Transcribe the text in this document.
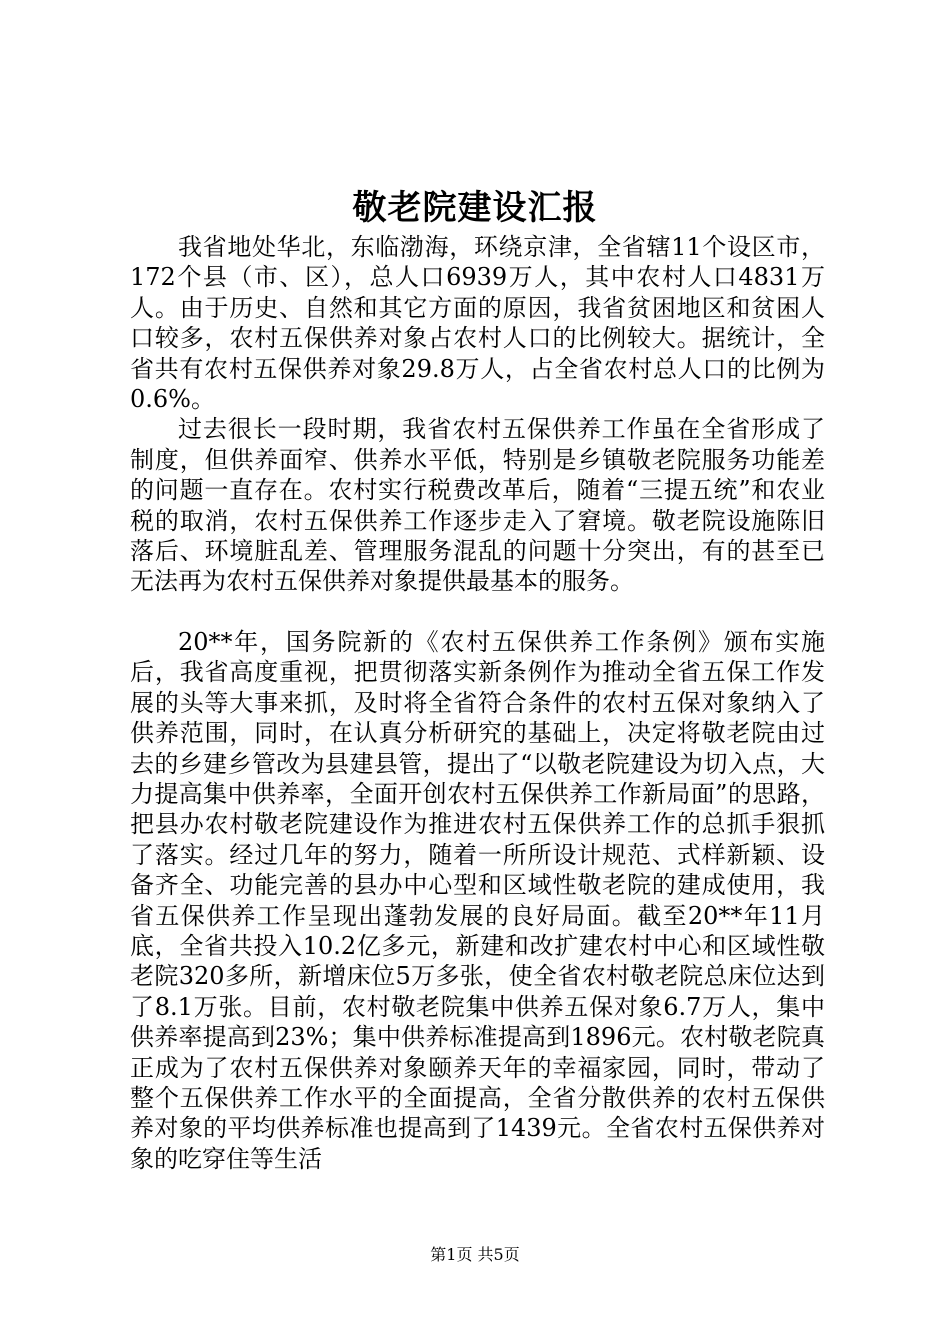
敬老院建设汇报

我省地处华北，东临渤海，环绕京津，全省辖11个设区市，172个县（市、区），总人口6939万人，其中农村人口4831万人。由于历史、自然和其它方面的原因，我省贫困地区和贫困人口较多，农村五保供养对象占农村人口的比例较大。据统计，全省共有农村五保供养对象29.8万人，占全省农村总人口的比例为0.6%。

过去很长一段时期，我省农村五保供养工作虽在全省形成了制度，但供养面窄、供养水平低，特别是乡镇敬老院服务功能差的问题一直存在。农村实行税费改革后，随着“三提五统”和农业税的取消，农村五保供养工作逐步走入了窘境。敬老院设施陈旧落后、环境脏乱差、管理服务混乱的问题十分突出，有的甚至已无法再为农村五保供养对象提供最基本的服务。

20**年，国务院新的《农村五保供养工作条例》颁布实施后，我省高度重视，把贯彻落实新条例作为推动全省五保工作发展的头等大事来抓，及时将全省符合条件的农村五保对象纳入了供养范围，同时，在认真分析研究的基础上，决定将敬老院由过去的乡建乡管改为县建县管，提出了“以敬老院建设为切入点，大力提高集中供养率，全面开创农村五保供养工作新局面”的思路，把县办农村敬老院建设作为推进农村五保供养工作的总抓手狠抓了落实。经过几年的努力，随着一所所设计规范、式样新颖、设备齐全、功能完善的县办中心型和区域性敬老院的建成使用，我省五保供养工作呈现出蓬勃发展的良好局面。截至20**年11月底，全省共投入10.2亿多元，新建和改扩建农村中心和区域性敬老院320多所，新增床位5万多张，使全省农村敬老院总床位达到了8.1万张。目前，农村敬老院集中供养五保对象6.7万人，集中供养率提高到23%；集中供养标准提高到1896元。农村敬老院真正成为了农村五保供养对象颐养天年的幸福家园，同时，带动了整个五保供养工作水平的全面提高，全省分散供养的农村五保供养对象的平均供养标准也提高到了1439元。全省农村五保供养对象的吃穿住等生活

第1页 共5页
